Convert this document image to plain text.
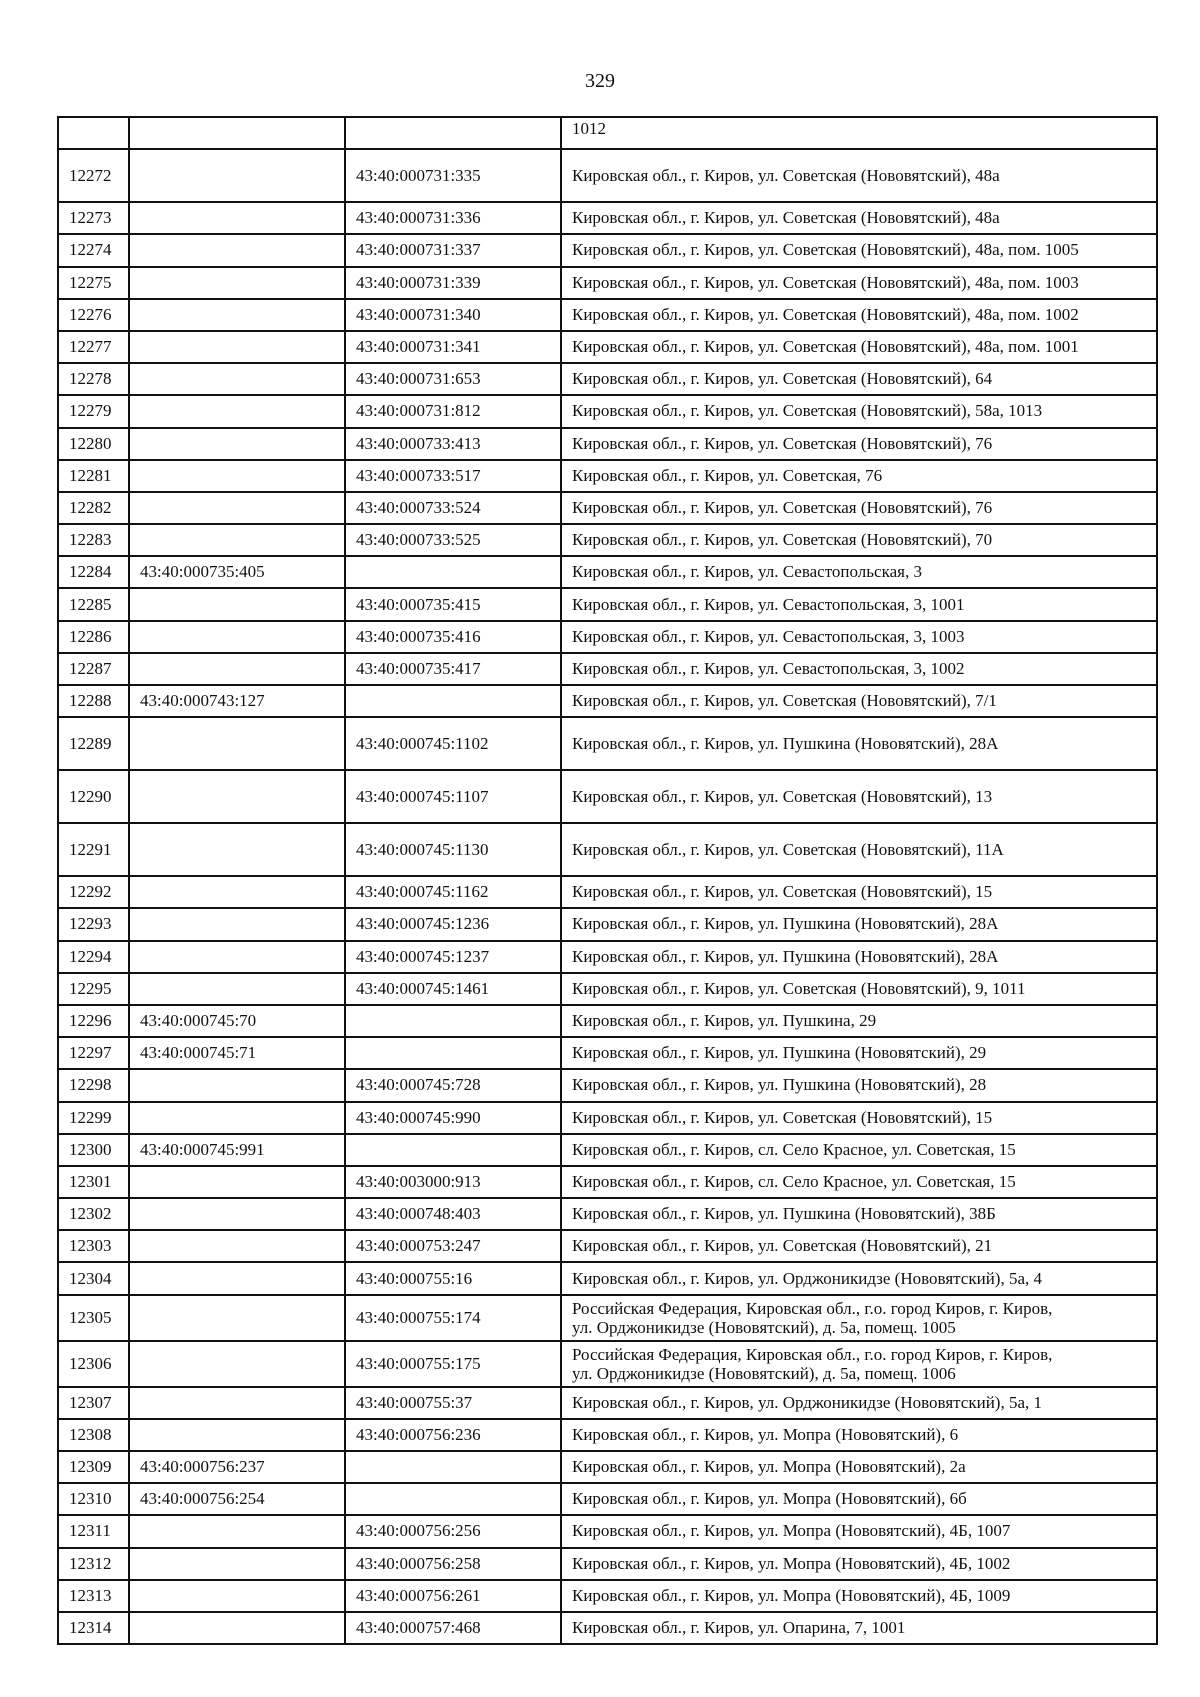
329
			1012
12272		43:40:000731:335	Кировская обл., г. Киров, ул. Советская (Нововятский), 48а
12273		43:40:000731:336	Кировская обл., г. Киров, ул. Советская (Нововятский), 48а
12274		43:40:000731:337	Кировская обл., г. Киров, ул. Советская (Нововятский), 48а, пом. 1005
12275		43:40:000731:339	Кировская обл., г. Киров, ул. Советская (Нововятский), 48а, пом. 1003
12276		43:40:000731:340	Кировская обл., г. Киров, ул. Советская (Нововятский), 48а, пом. 1002
12277		43:40:000731:341	Кировская обл., г. Киров, ул. Советская (Нововятский), 48а, пом. 1001
12278		43:40:000731:653	Кировская обл., г. Киров, ул. Советская (Нововятский), 64
12279		43:40:000731:812	Кировская обл., г. Киров, ул. Советская (Нововятский), 58а, 1013
12280		43:40:000733:413	Кировская обл., г. Киров, ул. Советская (Нововятский), 76
12281		43:40:000733:517	Кировская обл., г. Киров, ул. Советская, 76
12282		43:40:000733:524	Кировская обл., г. Киров, ул. Советская (Нововятский), 76
12283		43:40:000733:525	Кировская обл., г. Киров, ул. Советская (Нововятский), 70
12284	43:40:000735:405		Кировская обл., г. Киров, ул. Севастопольская, 3
12285		43:40:000735:415	Кировская обл., г. Киров, ул. Севастопольская, 3, 1001
12286		43:40:000735:416	Кировская обл., г. Киров, ул. Севастопольская, 3, 1003
12287		43:40:000735:417	Кировская обл., г. Киров, ул. Севастопольская, 3, 1002
12288	43:40:000743:127		Кировская обл., г. Киров, ул. Советская (Нововятский), 7/1
12289		43:40:000745:1102	Кировская обл., г. Киров, ул. Пушкина (Нововятский), 28А
12290		43:40:000745:1107	Кировская обл., г. Киров, ул. Советская (Нововятский), 13
12291		43:40:000745:1130	Кировская обл., г. Киров, ул. Советская (Нововятский), 11А
12292		43:40:000745:1162	Кировская обл., г. Киров, ул. Советская (Нововятский), 15
12293		43:40:000745:1236	Кировская обл., г. Киров, ул. Пушкина (Нововятский), 28А
12294		43:40:000745:1237	Кировская обл., г. Киров, ул. Пушкина (Нововятский), 28А
12295		43:40:000745:1461	Кировская обл., г. Киров, ул. Советская (Нововятский), 9, 1011
12296	43:40:000745:70		Кировская обл., г. Киров, ул. Пушкина, 29
12297	43:40:000745:71		Кировская обл., г. Киров, ул. Пушкина (Нововятский), 29
12298		43:40:000745:728	Кировская обл., г. Киров, ул. Пушкина (Нововятский), 28
12299		43:40:000745:990	Кировская обл., г. Киров, ул. Советская (Нововятский), 15
12300	43:40:000745:991		Кировская обл., г. Киров, сл. Село Красное, ул. Советская, 15
12301		43:40:003000:913	Кировская обл., г. Киров, сл. Село Красное, ул. Советская, 15
12302		43:40:000748:403	Кировская обл., г. Киров, ул. Пушкина (Нововятский), 38Б
12303		43:40:000753:247	Кировская обл., г. Киров, ул. Советская (Нововятский), 21
12304		43:40:000755:16	Кировская обл., г. Киров, ул. Орджоникидзе (Нововятский), 5а, 4
12305		43:40:000755:174	Российская Федерация, Кировская обл., г.о. город Киров, г. Киров,
ул. Орджоникидзе (Нововятский), д. 5а, помещ. 1005
12306		43:40:000755:175	Российская Федерация, Кировская обл., г.о. город Киров, г. Киров,
ул. Орджоникидзе (Нововятский), д. 5а, помещ. 1006
12307		43:40:000755:37	Кировская обл., г. Киров, ул. Орджоникидзе (Нововятский), 5а, 1
12308		43:40:000756:236	Кировская обл., г. Киров, ул. Мопра (Нововятский), 6
12309	43:40:000756:237		Кировская обл., г. Киров, ул. Мопра (Нововятский), 2а
12310	43:40:000756:254		Кировская обл., г. Киров, ул. Мопра (Нововятский), 6б
12311		43:40:000756:256	Кировская обл., г. Киров, ул. Мопра (Нововятский), 4Б, 1007
12312		43:40:000756:258	Кировская обл., г. Киров, ул. Мопра (Нововятский), 4Б, 1002
12313		43:40:000756:261	Кировская обл., г. Киров, ул. Мопра (Нововятский), 4Б, 1009
12314		43:40:000757:468	Кировская обл., г. Киров, ул. Опарина, 7, 1001
